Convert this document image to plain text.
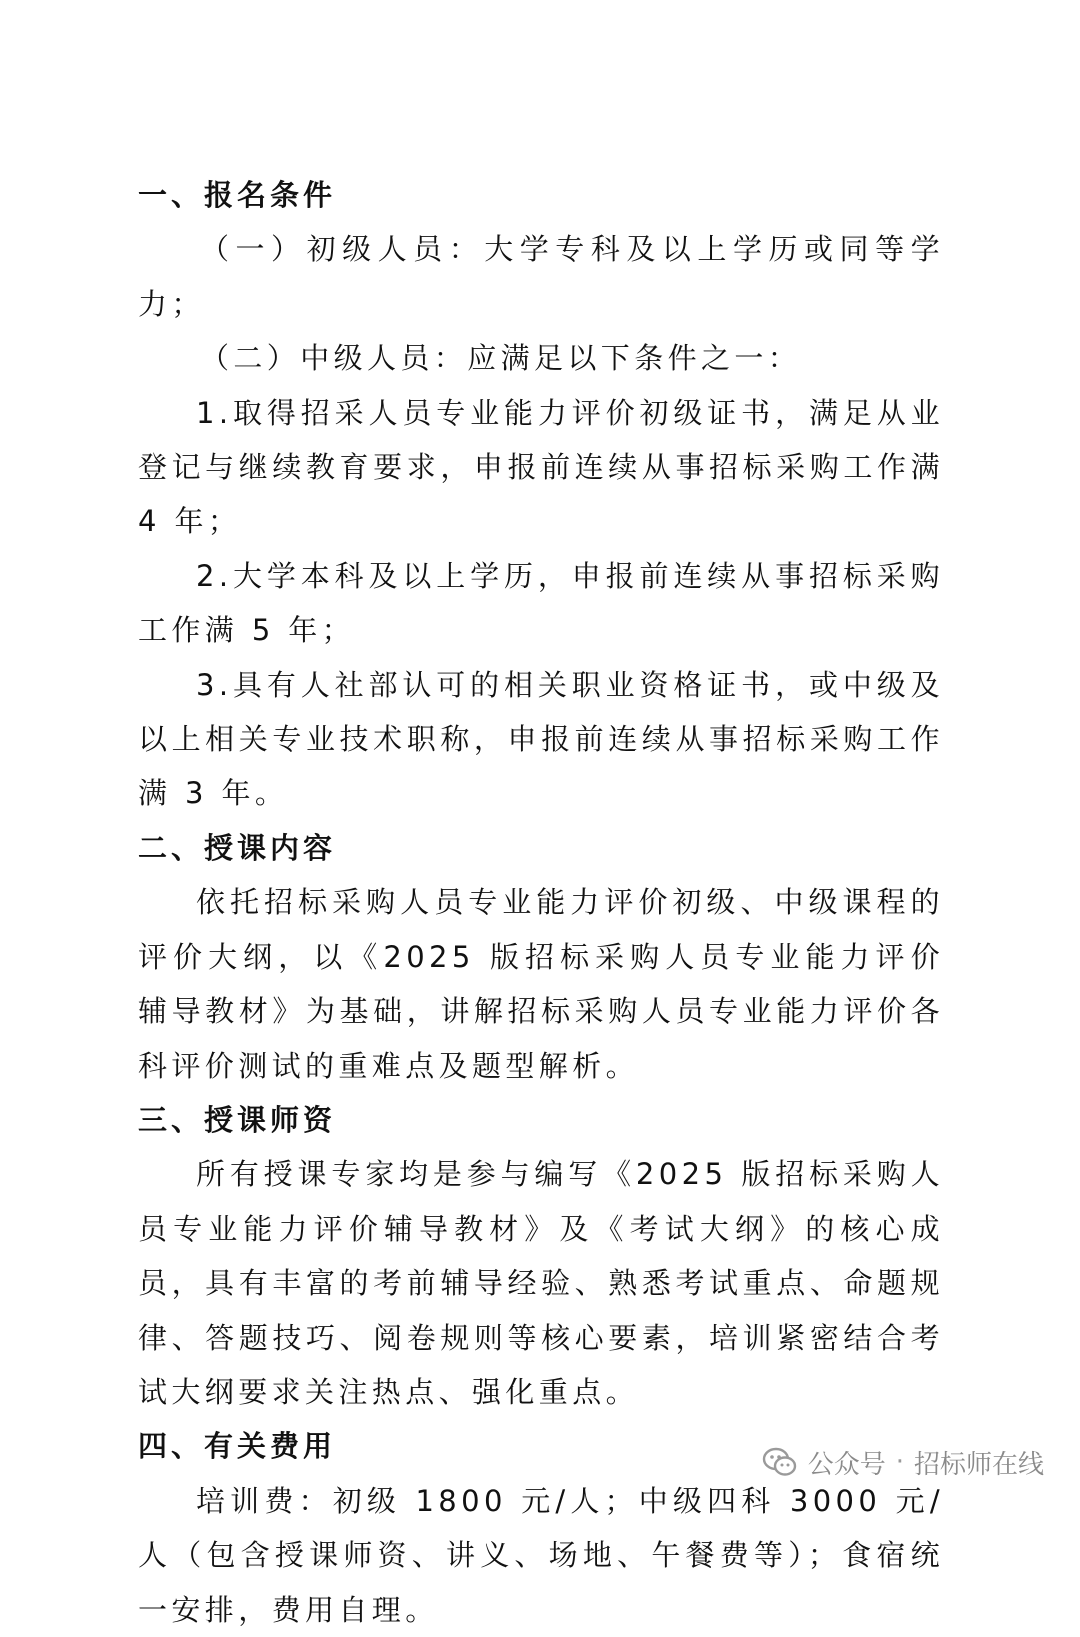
一、报名条件

（一）初级人员：大学专科及以上学历或同等学力；

（二）中级人员：应满足以下条件之一：

1.取得招采人员专业能力评价初级证书，满足从业登记与继续教育要求，申报前连续从事招标采购工作满 4 年；

2.大学本科及以上学历，申报前连续从事招标采购工作满 5 年；

3.具有人社部认可的相关职业资格证书，或中级及以上相关专业技术职称，申报前连续从事招标采购工作满 3 年。

二、授课内容

依托招标采购人员专业能力评价初级、中级课程的评价大纲，以《2025 版招标采购人员专业能力评价辅导教材》为基础，讲解招标采购人员专业能力评价各科评价测试的重难点及题型解析。

三、授课师资

所有授课专家均是参与编写《2025 版招标采购人员专业能力评价辅导教材》及《考试大纲》的核心成员，具有丰富的考前辅导经验、熟悉考试重点、命题规律、答题技巧、阅卷规则等核心要素，培训紧密结合考试大纲要求关注热点、强化重点。

四、有关费用

培训费：初级 1800 元/人；中级四科 3000 元/人（包含授课师资、讲义、场地、午餐费等）；食宿统一安排，费用自理。

公众号 · 招标师在线
